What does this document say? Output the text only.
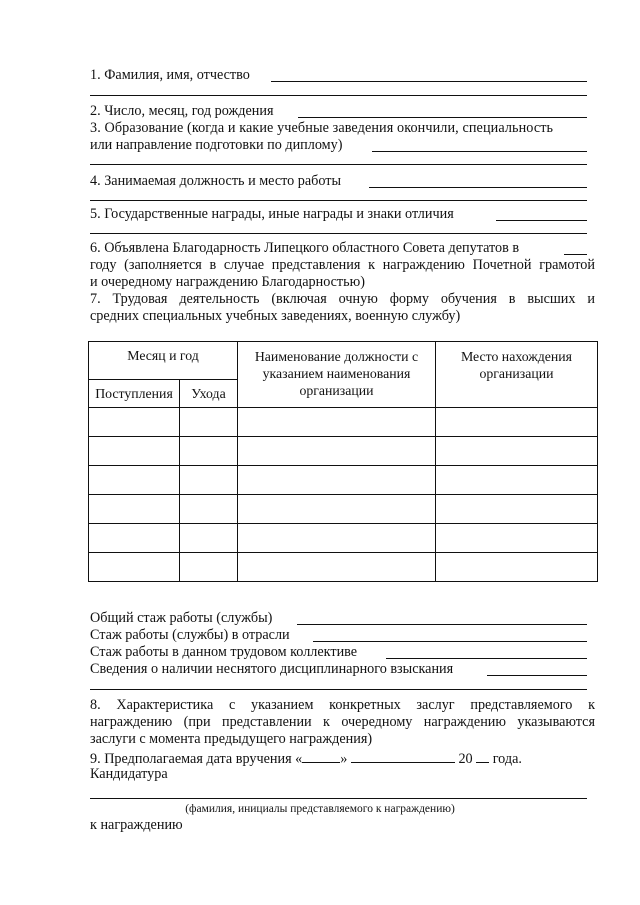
1. Фамилия, имя, отчество
2. Число, месяц, год рождения
3. Образование (когда и какие учебные заведения окончили, специальность
или направление подготовки по диплому)
4. Занимаемая должность и место работы
5. Государственные награды, иные награды и знаки отличия
6. Объявлена Благодарность Липецкого областного Совета депутатов в

году (заполняется в случае представления к награждению Почетной грамотой

и очередному награждению Благодарностью)

7. Трудовая деятельность (включая очную форму обучения в высших и

средних специальных учебных заведениях, военную службу)

Месяц и год		Наименование должности с указанием наименования организации	Место нахождения организации
Поступления	Ухода		

Общий стаж работы (службы)
Стаж работы (службы) в отрасли
Стаж работы в данном трудовом коллективе
Сведения о наличии неснятого дисциплинарного взыскания

8. Характеристика с указанием конкретных заслуг представляемого к

награждению (при представлении к очередному награждению указываются

заслуги с момента предыдущего награждения)

9. Предполагаемая дата вручения «	»	20 года.
Кандидатура
(фамилия, инициалы представляемого к награждению)
к награждению
